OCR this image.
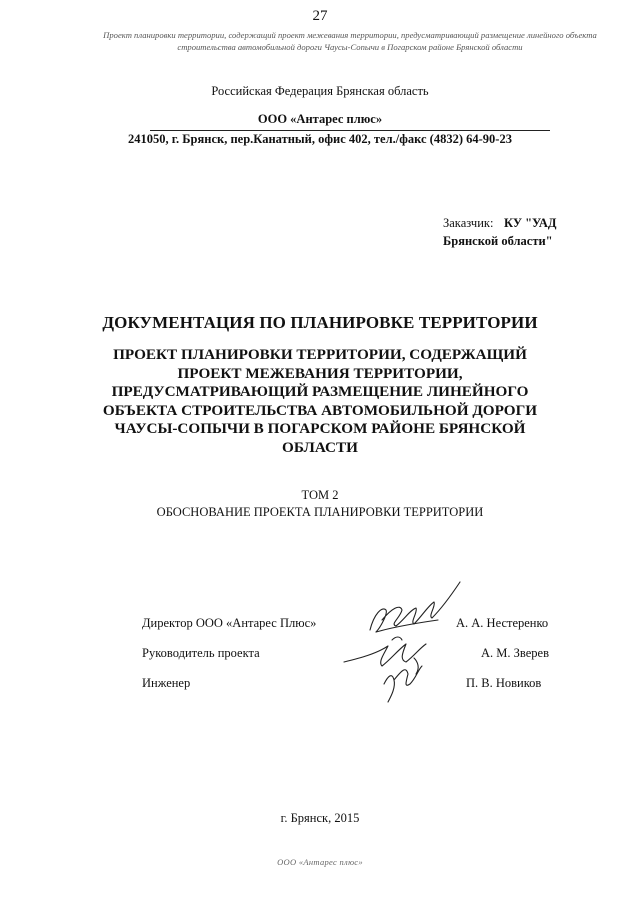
27
Проект планировки территории, содержащий проект межевания территории, предусматривающий размещение линейного объекта строительства автомобильной дороги Чаусы-Сопычи в Погарском районе Брянской области
Российская Федерация Брянская область
ООО «Антарес плюс»
241050, г. Брянск, пер.Канатный, офис 402, тел./факс (4832) 64-90-23
Заказчик: КУ "УАД
Брянской области"
ДОКУМЕНТАЦИЯ ПО ПЛАНИРОВКЕ ТЕРРИТОРИИ
ПРОЕКТ ПЛАНИРОВКИ ТЕРРИТОРИИ, СОДЕРЖАЩИЙ ПРОЕКТ МЕЖЕВАНИЯ ТЕРРИТОРИИ, ПРЕДУСМАТРИВАЮЩИЙ РАЗМЕЩЕНИЕ ЛИНЕЙНОГО ОБЪЕКТА СТРОИТЕЛЬСТВА АВТОМОБИЛЬНОЙ ДОРОГИ ЧАУСЫ-СОПЫЧИ В ПОГАРСКОМ РАЙОНЕ БРЯНСКОЙ ОБЛАСТИ
ТОМ 2
ОБОСНОВАНИЕ ПРОЕКТА ПЛАНИРОВКИ ТЕРРИТОРИИ
Директор ООО «Антарес Плюс»	А. А. Нестеренко
Руководитель проекта	А. М. Зверев
Инженер	П. В. Новиков
г. Брянск, 2015
ООО «Антарес плюс»
